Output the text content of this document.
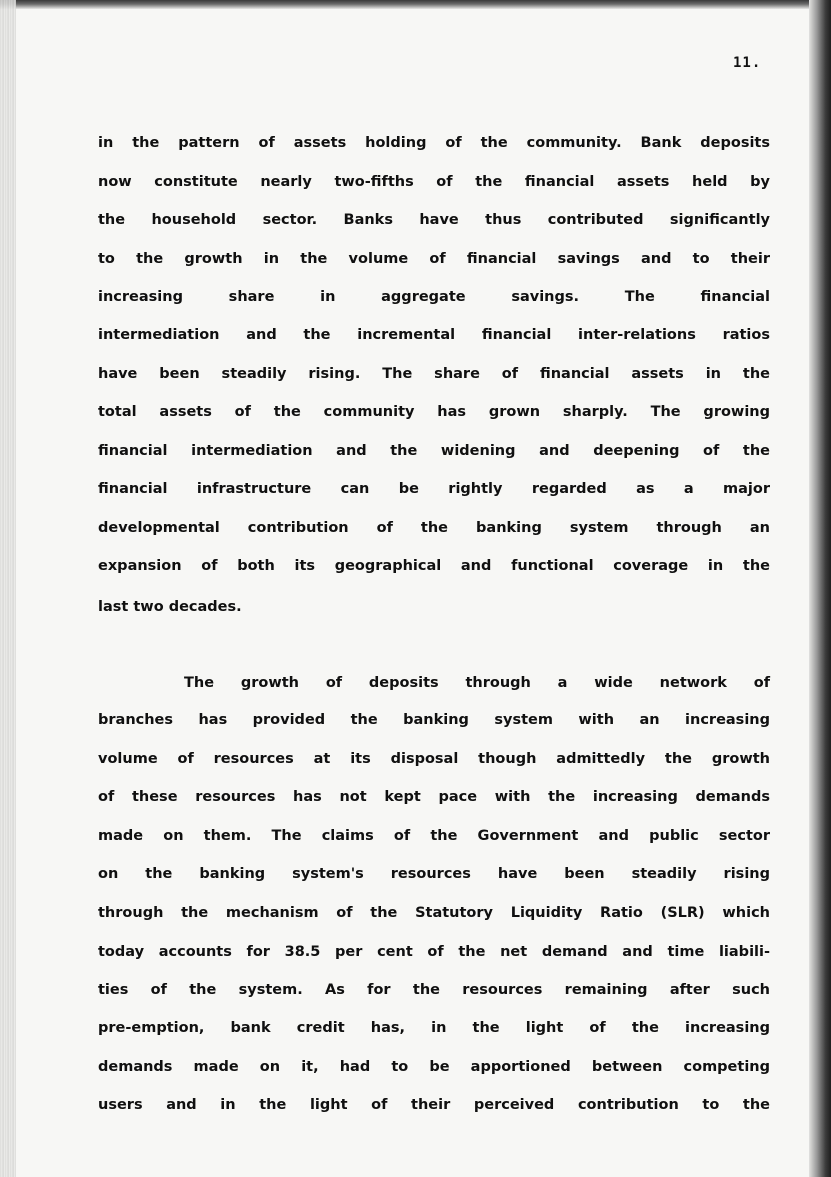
11.
in the pattern of assets holding of the community. Bank deposits
now constitute nearly two-fifths of the financial assets held by
the household sector. Banks have thus contributed significantly
to the growth in the volume of financial savings and to their
increasing share in aggregate savings. The financial
intermediation and the incremental financial inter-relations ratios
have been steadily rising. The share of financial assets in the
total assets of the community has grown sharply. The growing
financial intermediation and the widening and deepening of the
financial infrastructure can be rightly regarded as a major
developmental contribution of the banking system through an
expansion of both its geographical and functional coverage in the
last two decades.
The growth of deposits through a wide network of
branches has provided the banking system with an increasing
volume of resources at its disposal though admittedly the growth
of these resources has not kept pace with the increasing demands
made on them. The claims of the Government and public sector
on the banking system's resources have been steadily rising
through the mechanism of the Statutory Liquidity Ratio (SLR) which
today accounts for 38.5 per cent of the net demand and time liabili-
ties of the system. As for the resources remaining after such
pre-emption, bank credit has, in the light of the increasing
demands made on it, had to be apportioned between competing
users and in the light of their perceived contribution to the
